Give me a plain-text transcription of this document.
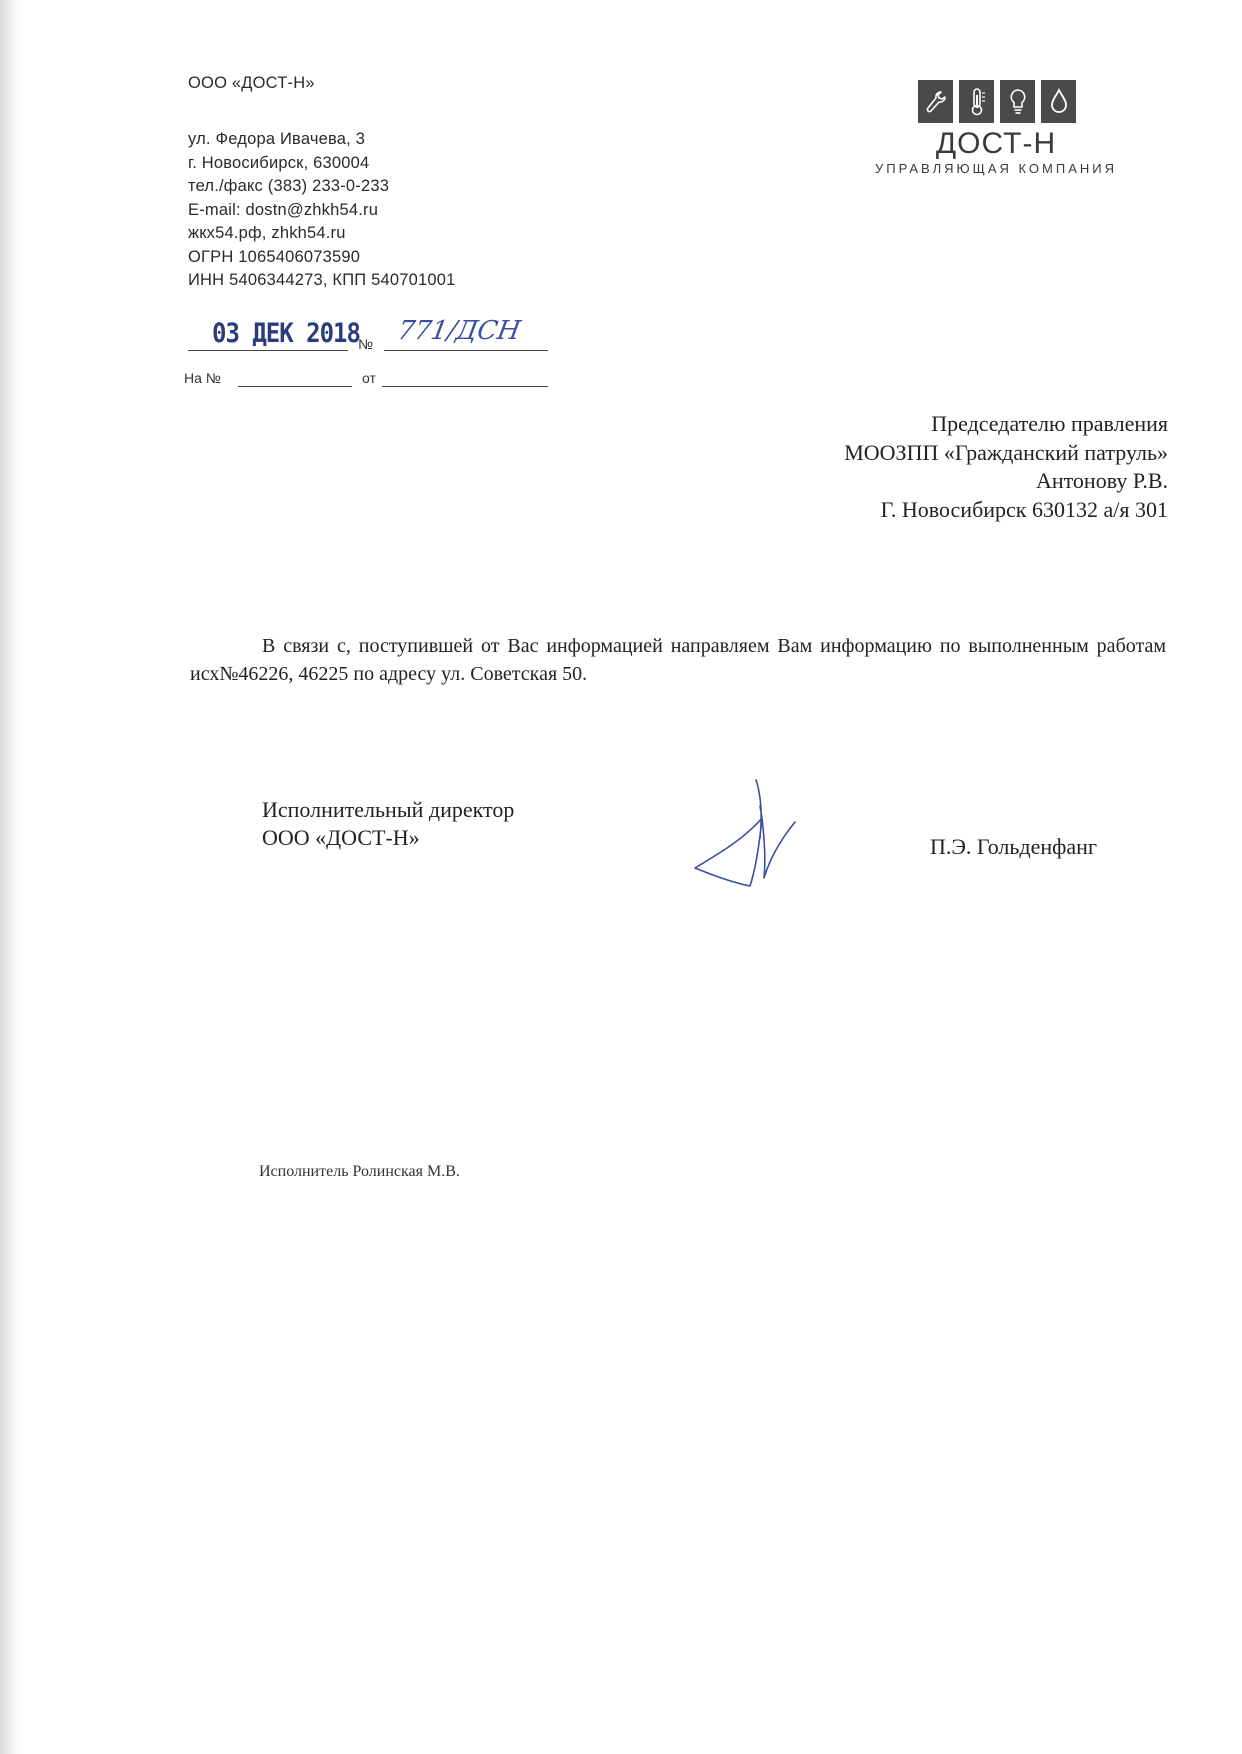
ООО «ДОСТ-Н»
ул. Федора Ивачева, 3
г. Новосибирск, 630004
тел./факс (383) 233-0-233
E-mail: dostn@zhkh54.ru
жкх54.рф, zhkh54.ru
ОГРН 1065406073590
ИНН 5406344273, КПП 540701001
ДОСТ-Н
УПРАВЛЯЮЩАЯ КОМПАНИЯ
03 ДЕК 2018
№ 771/ДСН
На №	от
Председателю правления
МООЗПП «Гражданский патруль»
Антонову Р.В.
Г. Новосибирск 630132 а/я 301
В связи с, поступившей от Вас информацией направляем Вам информацию по выполненным работам исх№46226, 46225 по адресу ул. Советская 50.
Исполнительный директор
ООО «ДОСТ-Н»	П.Э. Гольденфанг
Исполнитель Ролинская М.В.
